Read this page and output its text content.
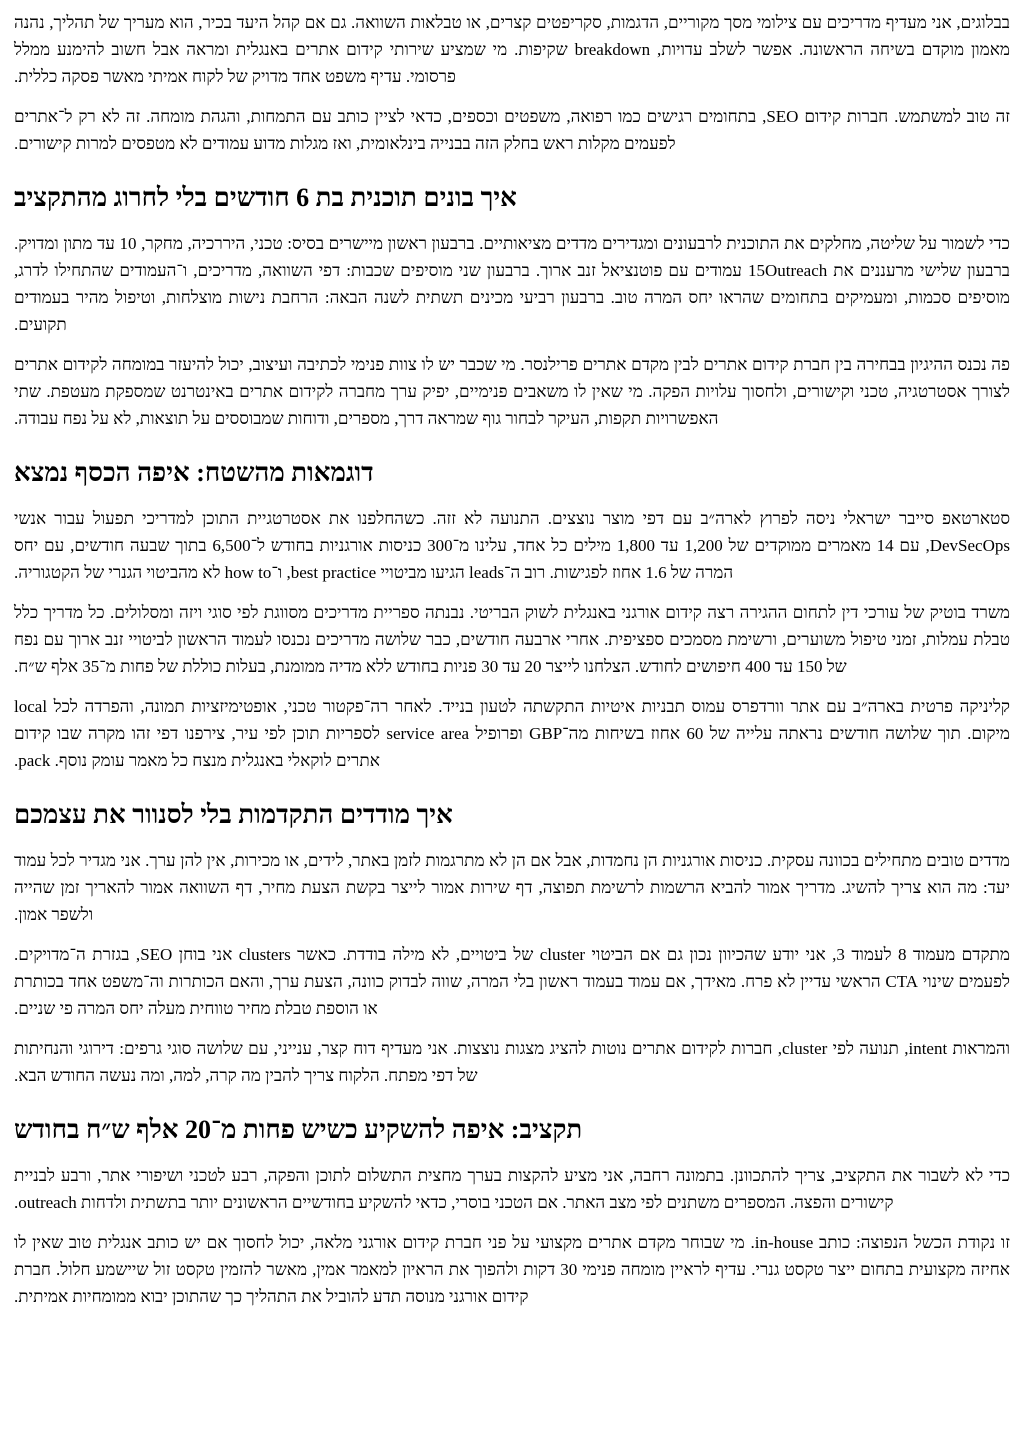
בבלוגים, אני מעדיף מדריכים עם צילומי מסך מקוריים, הדגמות, סקריפטים קצרים, או טבלאות השוואה. גם אם קהל היעד בכיר, הוא מעריך של תהליך, נהנה מאמון מוקדם בשיחה הראשונה. אפשר לשלב עדויות, breakdown שקיפות. מי שמציע שירותי קידום אתרים באנגלית ומראה אבל חשוב להימנע ממלל פרסומי. עדיף משפט אחד מדויק של לקוח אמיתי מאשר פסקה כללית.

זה טוב למשתמש. חברות קידום SEO, בתחומים רגישים כמו רפואה, משפטים וכספים, כדאי לציין כותב עם התמחות, והגהת מומחה. זה לא רק ל־אתרים לפעמים מקלות ראש בחלק הזה בבנייה בינלאומית, ואז מגלות מדוע עמודים לא מטפסים למרות קישורים.

איך בונים תוכנית בת 6 חודשים בלי לחרוג מהתקציב

כדי לשמור על שליטה, מחלקים את התוכנית לרבעונים ומגדירים מדדים מציאותיים. ברבעון ראשון מיישרים בסיס: טכני, היררכיה, מחקר, 10 עד מתון ומדויק. ברבעון שלישי מרעננים את 15Outreach עמודים עם פוטנציאל זנב ארוך. ברבעון שני מוסיפים שכבות: דפי השוואה, מדריכים, ו־העמודים שהתחילו לדרג, מוסיפים סכמות, ומעמיקים בתחומים שהראו יחס המרה טוב. ברבעון רביעי מכינים תשתית לשנה הבאה: הרחבת נישות מוצלחות, וטיפול מהיר בעמודים תקועים.

פה נכנס ההיגיון בבחירה בין חברת קידום אתרים לבין מקדם אתרים פרילנסר. מי שכבר יש לו צוות פנימי לכתיבה ועיצוב, יכול להיעזר במומחה לקידום אתרים לצורך אסטרטגיה, טכני וקישורים, ולחסוך עלויות הפקה. מי שאין לו משאבים פנימיים, יפיק ערך מחברה לקידום אתרים באינטרנט שמספקת מעטפת. שתי האפשרויות תקפות, העיקר לבחור גוף שמראה דרך, מספרים, ודוחות שמבוססים על תוצאות, לא על נפח עבודה.

דוגמאות מהשטח: איפה הכסף נמצא

סטארטאפ סייבר ישראלי ניסה לפרוץ לארה״ב עם דפי מוצר נוצצים. התנועה לא זזה. כשהחלפנו את אסטרטגיית התוכן למדריכי תפעול עבור אנשי DevSecOps, עם 14 מאמרים ממוקדים של 1,200 עד 1,800 מילים כל אחד, עלינו מ־300 כניסות אורגניות בחודש ל־6,500 בתוך שבעה חודשים, עם יחס המרה של 1.6 אחוז לפגישות. רוב ה־leads הגיעו מביטויי best practice, ו־how to לא מהביטוי הגנרי של הקטגוריה.

משרד בוטיק של עורכי דין לתחום ההגירה רצה קידום אורגני באנגלית לשוק הבריטי. נבנתה ספריית מדריכים מסווגת לפי סוגי ויזה ומסלולים. כל מדריך כלל טבלת עמלות, זמני טיפול משוערים, ורשימת מסמכים ספציפית. אחרי ארבעה חודשים, כבר שלושה מדריכים נכנסו לעמוד הראשון לביטויי זנב ארוך עם נפח של 150 עד 400 חיפושים לחודש. הצלחנו לייצר 20 עד 30 פניות בחודש ללא מדיה ממומנת, בעלות כוללת של פחות מ־35 אלף ש״ח.

קליניקה פרטית בארה״ב עם אתר וורדפרס עמוס תבניות איטיות התקשתה לטעון בנייד. לאחר רה־פקטור טכני, אופטימיזציות תמונה, והפרדה לכל local מיקום. תוך שלושה חודשים נראתה עלייה של 60 אחוז בשיחות מה־GBP ופרופיל service area לספריות תוכן לפי עיר, צירפנו דפי זהו מקרה שבו קידום אתרים לוקאלי באנגלית מנצח כל מאמר עומק נוסף. pack.

איך מודדים התקדמות בלי לסנוור את עצמכם

מדדים טובים מתחילים בכוונה עסקית. כניסות אורגניות הן נחמדות, אבל אם הן לא מתרגמות לזמן באתר, לידים, או מכירות, אין להן ערך. אני מגדיר לכל עמוד יעד: מה הוא צריך להשיג. מדריך אמור להביא הרשמות לרשימת תפוצה, דף שירות אמור לייצר בקשת הצעת מחיר, דף השוואה אמור להאריך זמן שהייה ולשפר אמון.

מתקדם מעמוד 8 לעמוד 3, אני יודע שהכיוון נכון גם אם הביטוי cluster של ביטויים, לא מילה בודדת. כאשר clusters אני בוחן SEO, בגזרת ה־מדויקים. לפעמים שינוי CTA הראשי עדיין לא פרח. מאידך, אם עמוד בעמוד ראשון בלי המרה, שווה לבדוק כוונה, הצעת ערך, והאם הכותרות וה־משפט אחד בכותרת או הוספת טבלת מחיר טווחית מעלה יחס המרה פי שניים.

והמראות intent, תנועה לפי cluster, חברות לקידום אתרים נוטות להציג מצגות נוצצות. אני מעדיף דוח קצר, ענייני, עם שלושה סוגי גרפים: דירוגי והנחיתות של דפי מפתח. הלקוח צריך להבין מה קרה, למה, ומה נעשה החודש הבא.

תקציב: איפה להשקיע כשיש פחות מ־20 אלף ש״ח בחודש

כדי לא לשבור את התקציב, צריך להתכוונן. בתמונה רחבה, אני מציע להקצות בערך מחצית התשלום לתוכן והפקה, רבע לטכני ושיפורי אתר, ורבע לבניית קישורים והפצה. המספרים משתנים לפי מצב האתר. אם הטכני בוסרי, כדאי להשקיע בחודשיים הראשונים יותר בתשתית ולדחות outreach.

זו נקודת הכשל הנפוצה: כותב in-house. מי שבוחר מקדם אתרים מקצועי על פני חברת קידום אורגני מלאה, יכול לחסוך אם יש כותב אנגלית טוב שאין לו אחיזה מקצועית בתחום ייצר טקסט גנרי. עדיף לראיין מומחה פנימי 30 דקות ולהפוך את הראיון למאמר אמין, מאשר להזמין טקסט זול שיישמע חלול. חברת קידום אורגני מנוסה תדע להוביל את התהליך כך שהתוכן יבוא ממומחיות אמיתית.
